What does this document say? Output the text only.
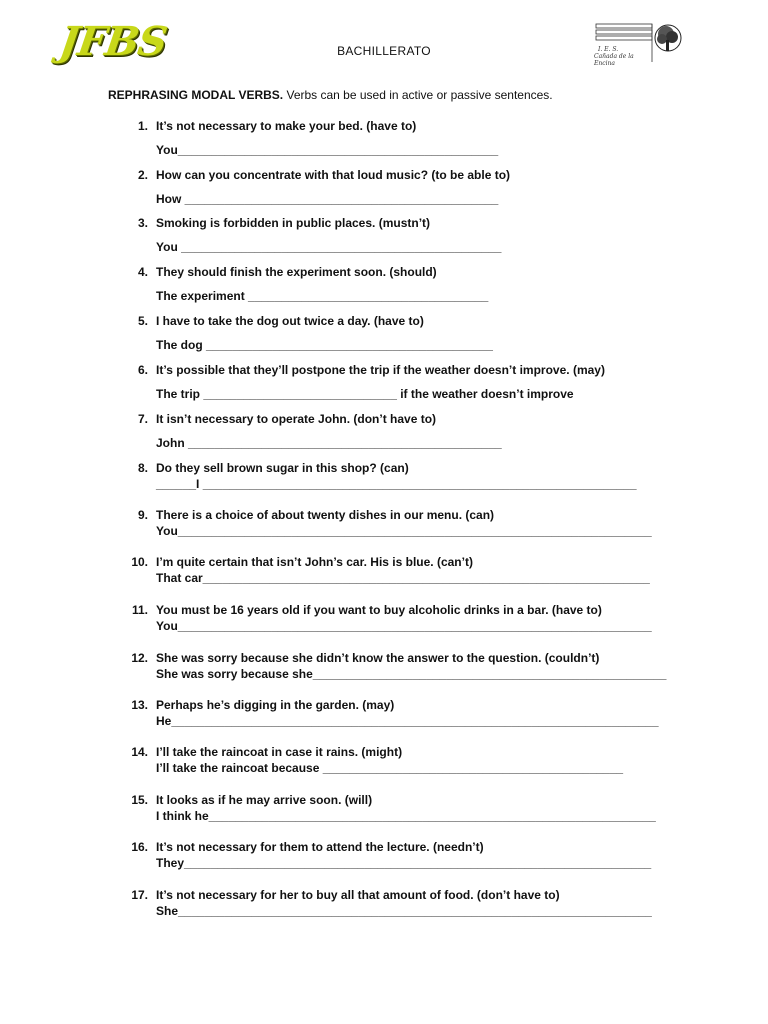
JFBS	BACHILLERATO	I. E. S.
Cañada de la Encina
REPHRASING MODAL VERBS. Verbs can be used in active or passive sentences.
1. It’s not necessary to make your bed. (have to)
You________________________________________________
2. How can you concentrate with that loud music? (to be able to)
How _______________________________________________
3. Smoking is forbidden in public places. (mustn’t)
You ________________________________________________
4. They should finish the experiment soon. (should)
The experiment ____________________________________
5. I have to take the dog out twice a day. (have to)
The dog ___________________________________________
6. It’s possible that they’ll postpone the trip if the weather doesn’t improve. (may)
The trip _____________________________ if the weather doesn’t improve
7. It isn’t necessary to operate John. (don’t have to)
John _______________________________________________
8. Do they sell brown sugar in this shop? (can)
______I _________________________________________________________________
9. There is a choice of about twenty dishes in our menu. (can)
You_______________________________________________________________________
10. I’m quite certain that isn’t John’s car. His is blue. (can’t)
That car___________________________________________________________________
11. You must be 16 years old if you want to buy alcoholic drinks in a bar. (have to)
You_______________________________________________________________________
12. She was sorry because she didn’t know the answer to the question. (couldn’t)
She was sorry because she_____________________________________________________
13. Perhaps he’s digging in the garden. (may)
He_________________________________________________________________________
14. I’ll take the raincoat in case it rains. (might)
I’ll take the raincoat because _____________________________________________
15. It looks as if he may arrive soon. (will)
I think he___________________________________________________________________
16. It’s not necessary for them to attend the lecture. (needn’t)
They______________________________________________________________________
17. It’s not necessary for her to buy all that amount of food. (don’t have to)
She_______________________________________________________________________
